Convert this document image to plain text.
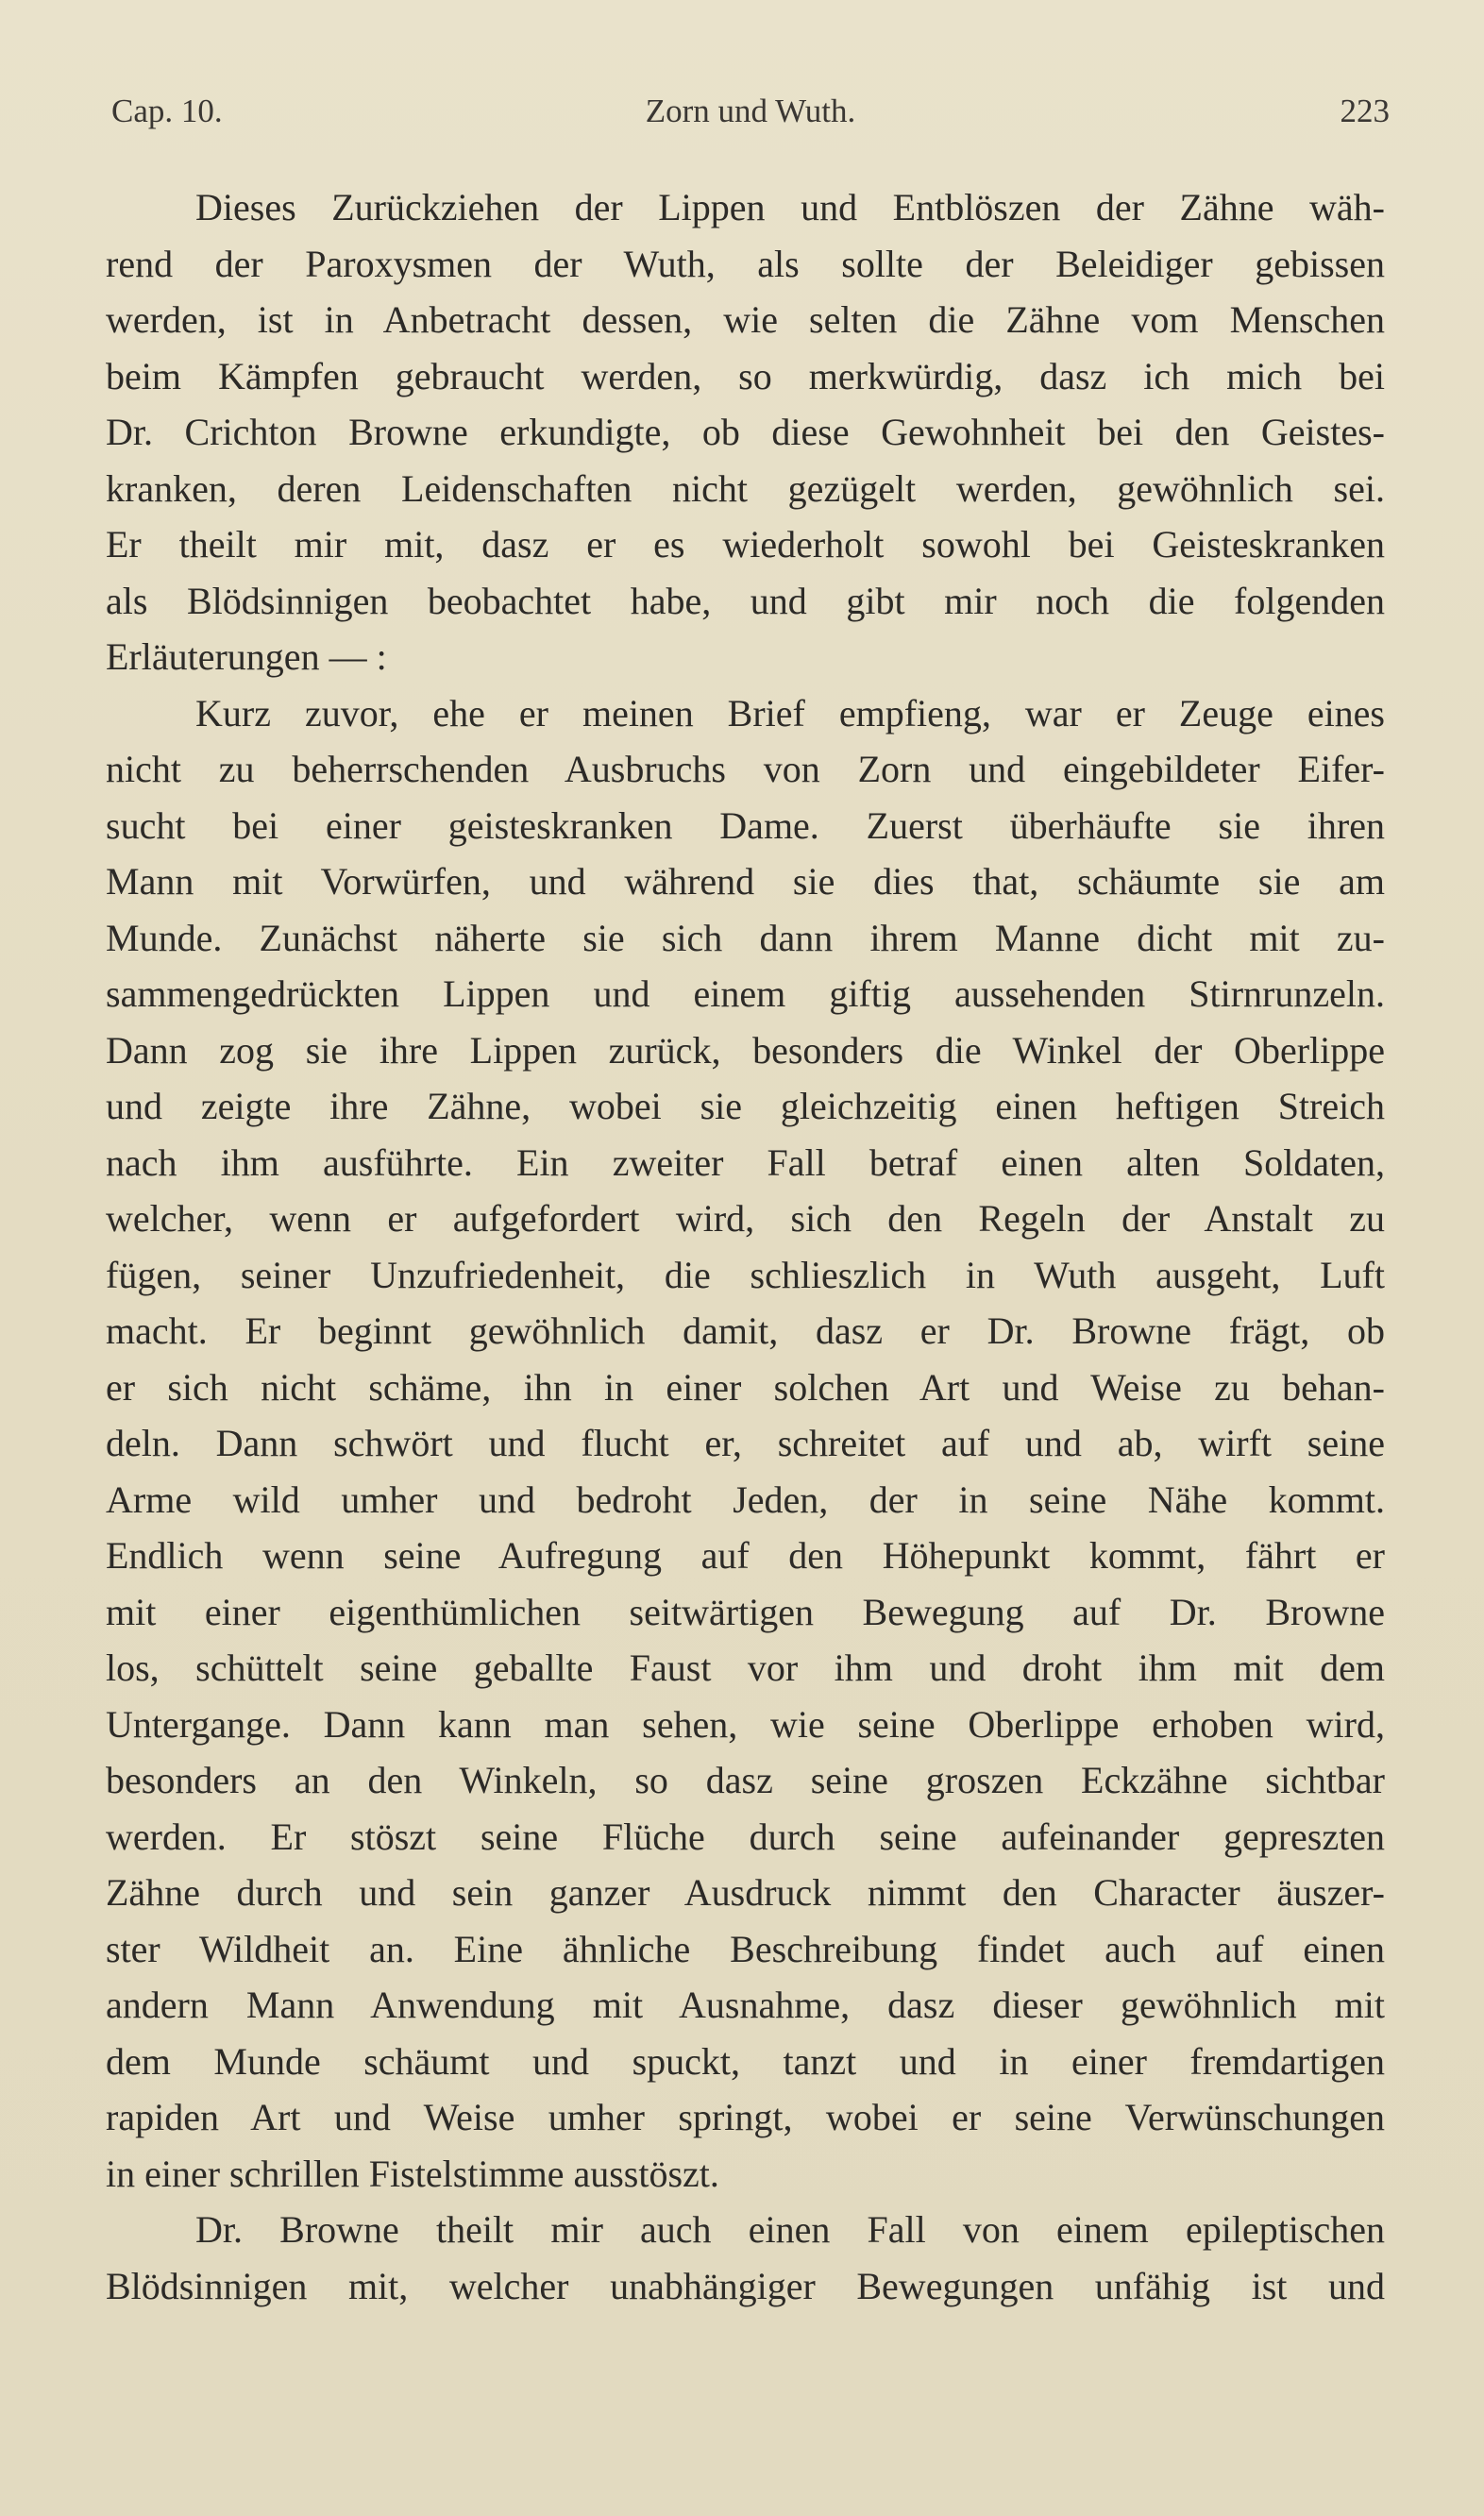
Cap. 10.	Zorn und Wuth.	223
Dieses Zurückziehen der Lippen und Entblöszen der Zähne wäh-
rend der Paroxysmen der Wuth, als sollte der Beleidiger gebissen
werden, ist in Anbetracht dessen, wie selten die Zähne vom Menschen
beim Kämpfen gebraucht werden, so merkwürdig, dasz ich mich bei
Dr. Crichton Browne erkundigte, ob diese Gewohnheit bei den Geistes-
kranken, deren Leidenschaften nicht gezügelt werden, gewöhnlich sei.
Er theilt mir mit, dasz er es wiederholt sowohl bei Geisteskranken
als Blödsinnigen beobachtet habe, und gibt mir noch die folgenden
Erläuterungen — :
Kurz zuvor, ehe er meinen Brief empfieng, war er Zeuge eines
nicht zu beherrschenden Ausbruchs von Zorn und eingebildeter Eifer-
sucht bei einer geisteskranken Dame. Zuerst überhäufte sie ihren
Mann mit Vorwürfen, und während sie dies that, schäumte sie am
Munde. Zunächst näherte sie sich dann ihrem Manne dicht mit zu-
sammengedrückten Lippen und einem giftig aussehenden Stirnrunzeln.
Dann zog sie ihre Lippen zurück, besonders die Winkel der Oberlippe
und zeigte ihre Zähne, wobei sie gleichzeitig einen heftigen Streich
nach ihm ausführte. Ein zweiter Fall betraf einen alten Soldaten,
welcher, wenn er aufgefordert wird, sich den Regeln der Anstalt zu
fügen, seiner Unzufriedenheit, die schlieszlich in Wuth ausgeht, Luft
macht. Er beginnt gewöhnlich damit, dasz er Dr. Browne frägt, ob
er sich nicht schäme, ihn in einer solchen Art und Weise zu behan-
deln. Dann schwört und flucht er, schreitet auf und ab, wirft seine
Arme wild umher und bedroht Jeden, der in seine Nähe kommt.
Endlich wenn seine Aufregung auf den Höhepunkt kommt, fährt er
mit einer eigenthümlichen seitwärtigen Bewegung auf Dr. Browne
los, schüttelt seine geballte Faust vor ihm und droht ihm mit dem
Untergange. Dann kann man sehen, wie seine Oberlippe erhoben wird,
besonders an den Winkeln, so dasz seine groszen Eckzähne sichtbar
werden. Er stöszt seine Flüche durch seine aufeinander gepreszten
Zähne durch und sein ganzer Ausdruck nimmt den Character äuszer-
ster Wildheit an. Eine ähnliche Beschreibung findet auch auf einen
andern Mann Anwendung mit Ausnahme, dasz dieser gewöhnlich mit
dem Munde schäumt und spuckt, tanzt und in einer fremdartigen
rapiden Art und Weise umher springt, wobei er seine Verwünschungen
in einer schrillen Fistelstimme ausstöszt.
Dr. Browne theilt mir auch einen Fall von einem epileptischen
Blödsinnigen mit, welcher unabhängiger Bewegungen unfähig ist und
